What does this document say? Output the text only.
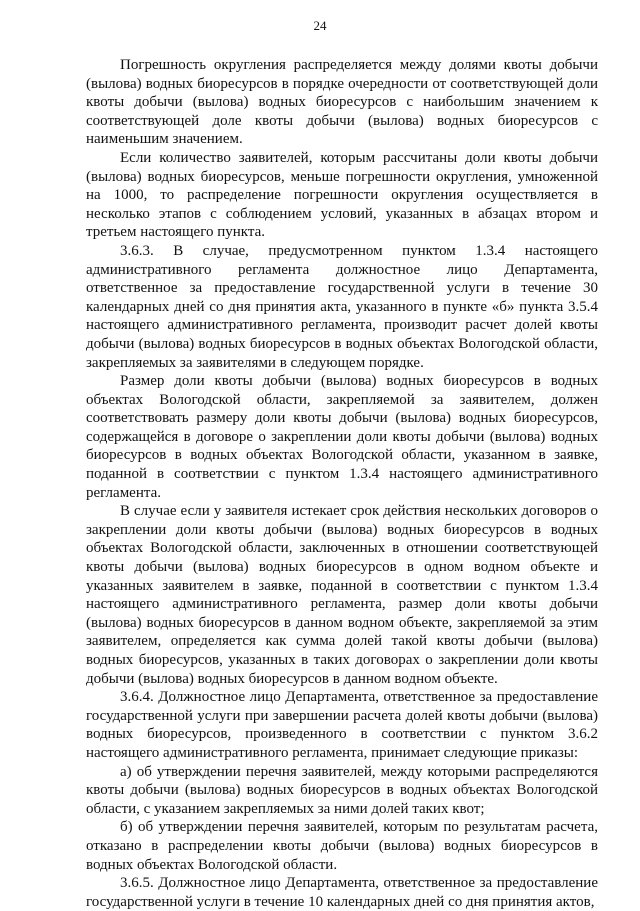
24

Погрешность округления распределяется между долями квоты добычи (вылова) водных биоресурсов в порядке очередности от соответствующей доли квоты добычи (вылова) водных биоресурсов с наибольшим значением к соответствующей доле квоты добычи (вылова) водных биоресурсов с наименьшим значением.

Если количество заявителей, которым рассчитаны доли квоты добычи (вылова) водных биоресурсов, меньше погрешности округления, умноженной на 1000, то распределение погрешности округления осуществляется в несколько этапов с соблюдением условий, указанных в абзацах втором и третьем настоящего пункта.

3.6.3. В случае, предусмотренном пунктом 1.3.4 настоящего административного регламента должностное лицо Департамента, ответственное за предоставление государственной услуги в течение 30 календарных дней со дня принятия акта, указанного в пункте «б» пункта 3.5.4 настоящего административного регламента, производит расчет долей квоты добычи (вылова) водных биоресурсов в водных объектах Вологодской области, закрепляемых за заявителями в следующем порядке.

Размер доли квоты добычи (вылова) водных биоресурсов в водных объектах Вологодской области, закрепляемой за заявителем, должен соответствовать размеру доли квоты добычи (вылова) водных биоресурсов, содержащейся в договоре о закреплении доли квоты добычи (вылова) водных биоресурсов в водных объектах Вологодской области, указанном в заявке, поданной в соответствии с пунктом 1.3.4 настоящего административного регламента.

В случае если у заявителя истекает срок действия нескольких договоров о закреплении доли квоты добычи (вылова) водных биоресурсов в водных объектах Вологодской области, заключенных в отношении соответствующей квоты добычи (вылова) водных биоресурсов в одном водном объекте и указанных заявителем в заявке, поданной в соответствии с пунктом 1.3.4 настоящего административного регламента, размер доли квоты добычи (вылова) водных биоресурсов в данном водном объекте, закрепляемой за этим заявителем, определяется как сумма долей такой квоты добычи (вылова) водных биоресурсов, указанных в таких договорах о закреплении доли квоты добычи (вылова) водных биоресурсов в данном водном объекте.

3.6.4. Должностное лицо Департамента, ответственное за предоставление государственной услуги при завершении расчета долей квоты добычи (вылова) водных биоресурсов, произведенного в соответствии с пунктом 3.6.2 настоящего административного регламента, принимает следующие приказы:

а) об утверждении перечня заявителей, между которыми распределяются квоты добычи (вылова) водных биоресурсов в водных объектах Вологодской области, с указанием закрепляемых за ними долей таких квот;

б) об утверждении перечня заявителей, которым по результатам расчета, отказано в распределении квоты добычи (вылова) водных биоресурсов в водных объектах Вологодской области.

3.6.5. Должностное лицо Департамента, ответственное за предоставление государственной услуги в течение 10 календарных дней со дня принятия актов,
